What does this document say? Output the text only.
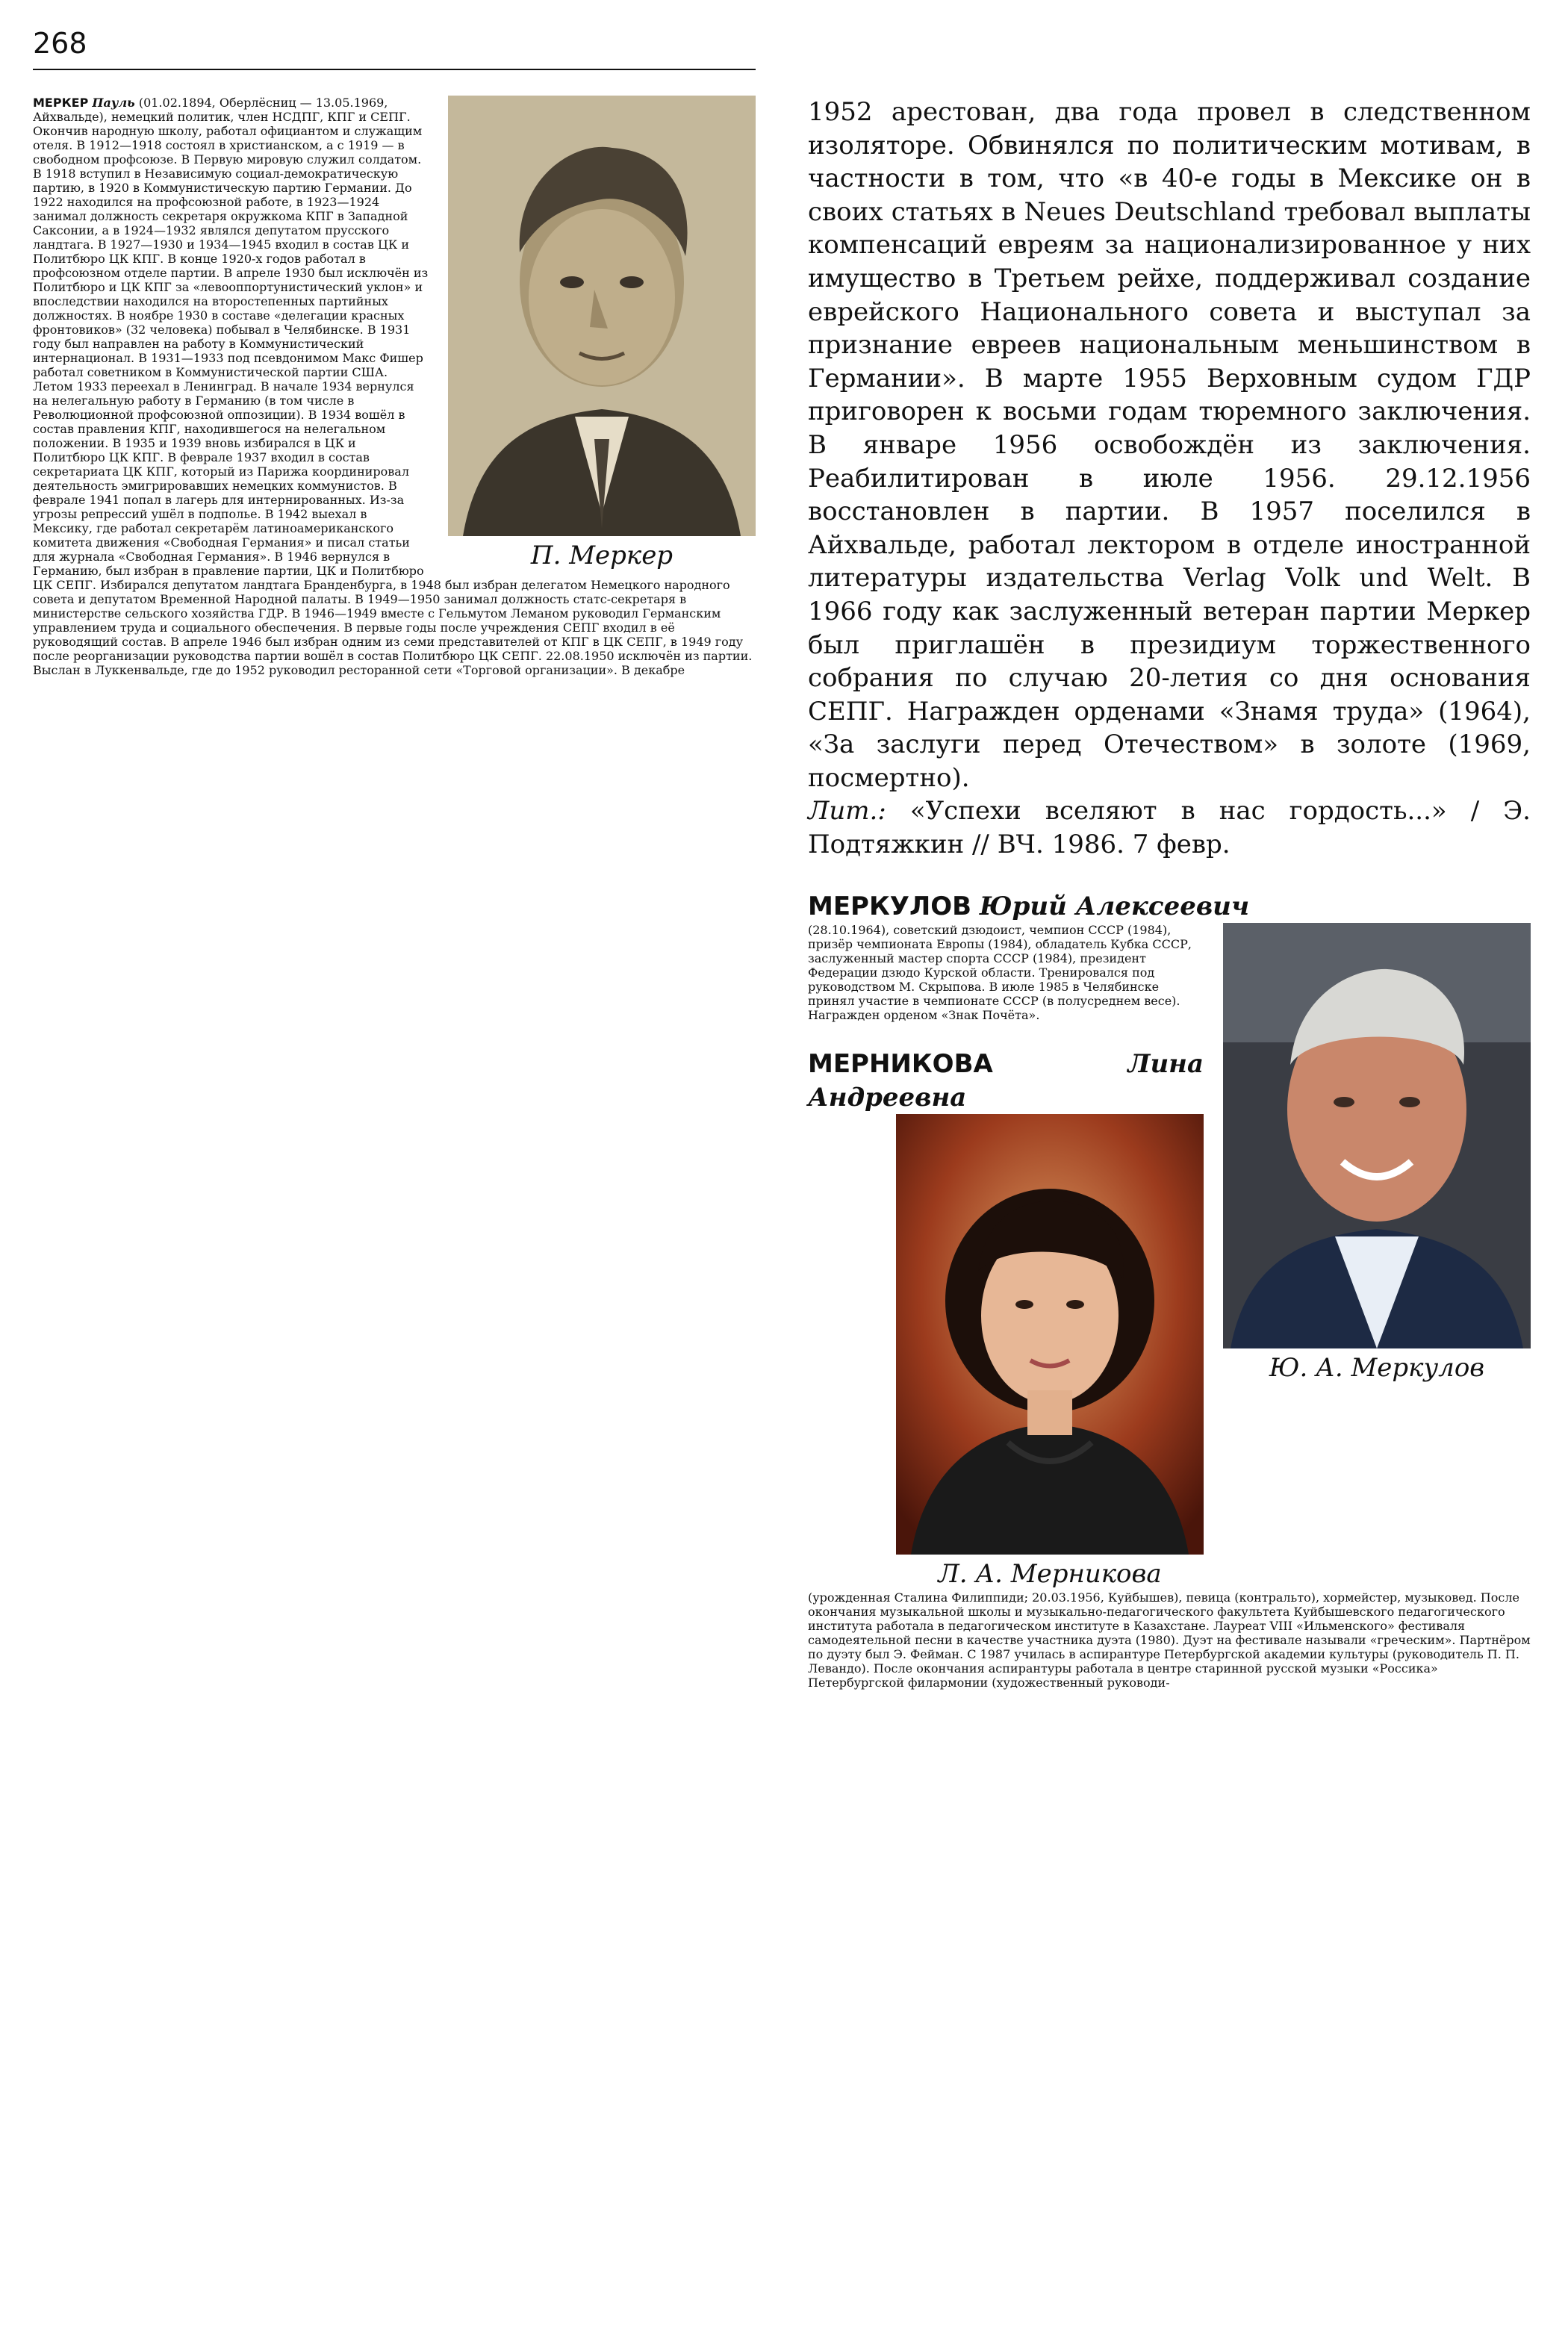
268

П. Меркер
МЕРКЕР Пауль (01.02.1894, Оберлёсниц — 13.05.1969, Айхвальде), немецкий политик, член НСДПГ, КПГ и СЕПГ. Окончив народную школу, работал официантом и служащим отеля. В 1912—1918 состоял в христианском, а с 1919 — в свободном профсоюзе. В Первую мировую служил солдатом. В 1918 вступил в Независимую социал-демократическую партию, в 1920 в Коммунистическую партию Германии. До 1922 находился на профсоюзной работе, в 1923—1924 занимал должность секретаря окружкома КПГ в Западной Саксонии, а в 1924—1932 являлся депутатом прусского ландтага. В 1927—1930 и 1934—1945 входил в состав ЦК и Политбюро ЦК КПГ. В конце 1920-х годов работал в профсоюзном отделе партии. В апреле 1930 был исключён из Политбюро и ЦК КПГ за «левооппортунистический уклон» и впоследствии находился на второстепенных партийных должностях. В ноябре 1930 в составе «делегации красных фронтовиков» (32 человека) побывал в Челябинске. В 1931 году был направлен на работу в Коммунистический интернационал. В 1931—1933 под псевдонимом Макс Фишер работал советником в Коммунистической партии США. Летом 1933 переехал в Ленинград. В начале 1934 вернулся на нелегальную работу в Германию (в том числе в Революционной профсоюзной оппозиции). В 1934 вошёл в состав правления КПГ, находившегося на нелегальном положении. В 1935 и 1939 вновь избирался в ЦК и Политбюро ЦК КПГ. В феврале 1937 входил в состав секретариата ЦК КПГ, который из Парижа координировал деятельность эмигрировавших немецких коммунистов. В феврале 1941 попал в лагерь для интернированных. Из-за угрозы репрессий ушёл в подполье. В 1942 выехал в Мексику, где работал секретарём латиноамериканского комитета движения «Свободная Германия» и писал статьи для журнала «Свободная Германия». В 1946 вернулся в Германию, был избран в правление партии, ЦК и Политбюро ЦК СЕПГ. Избирался депутатом ландтага Бранденбурга, в 1948 был избран делегатом Немецкого народного совета и депутатом Временной Народной палаты. В 1949—1950 занимал должность статс-секретаря в министерстве сельского хозяйства ГДР. В 1946—1949 вместе с Гельмутом Леманом руководил Германским управлением труда и социального обеспечения. В первые годы после учреждения СЕПГ входил в её руководящий состав. В апреле 1946 был избран одним из семи представителей от КПГ в ЦК СЕПГ, в 1949 году после реорганизации руководства партии вошёл в состав Политбюро ЦК СЕПГ. 22.08.1950 исключён из партии. Выслан в Луккенвальде, где до 1952 руководил ресторанной сети «Торговой организации». В декабре

1952 арестован, два года провел в следственном изоляторе. Обвинялся по политическим мотивам, в частности в том, что «в 40-е годы в Мексике он в своих статьях в Neues Deutschland требовал выплаты компенсаций евреям за национализированное у них имущество в Третьем рейхе, поддерживал создание еврейского Национального совета и выступал за признание евреев национальным меньшинством в Германии». В марте 1955 Верховным судом ГДР приговорен к восьми годам тюремного заключения. В январе 1956 освобождён из заключения. Реабилитирован в июле 1956. 29.12.1956 восстановлен в партии. В 1957 поселился в Айхвальде, работал лектором в отделе иностранной литературы издательства Verlag Volk und Welt. В 1966 году как заслуженный ветеран партии Меркер был приглашён в президиум торжественного собрания по случаю 20-летия со дня основания СЕПГ. Награжден орденами «Знамя труда» (1964), «За заслуги перед Отечеством» в золоте (1969, посмертно).
Лит.: «Успехи вселяют в нас гордость...» / Э. Подтяжкин // ВЧ. 1986. 7 февр.

МЕРКУЛОВ Юрий Алексеевич

Ю. А. Меркулов
(28.10.1964), советский дзюдоист, чемпион СССР (1984), призёр чемпионата Европы (1984), обладатель Кубка СССР, заслуженный мастер спорта СССР (1984), президент Федерации дзюдо Курской области. Тренировался под руководством М. Скрыпова. В июле 1985 в Челябинске принял участие в чемпионате СССР (в полусреднем весе). Награжден орденом «Знак Почёта».

МЕРНИКОВА	Лина Андреевна

Л. А. Мерникова
(урожденная Сталина Филиппиди; 20.03.1956, Куйбышев), певица (контральто), хормейстер, музыковед. После окончания музыкальной школы и музыкально-педагогического факультета Куйбышевского педагогического института работала в педагогическом институте в Казахстане. Лауреат VIII «Ильменского» фестиваля самодеятельной песни в качестве участника дуэта (1980). Дуэт на фестивале называли «греческим». Партнёром по дуэту был Э. Фейман. С 1987 училась в аспирантуре Петербургской академии культуры (руководитель П. П. Левандо). После окончания аспирантуры работала в центре старинной русской музыки «Россика» Петербургской филармонии (художественный руководи-
